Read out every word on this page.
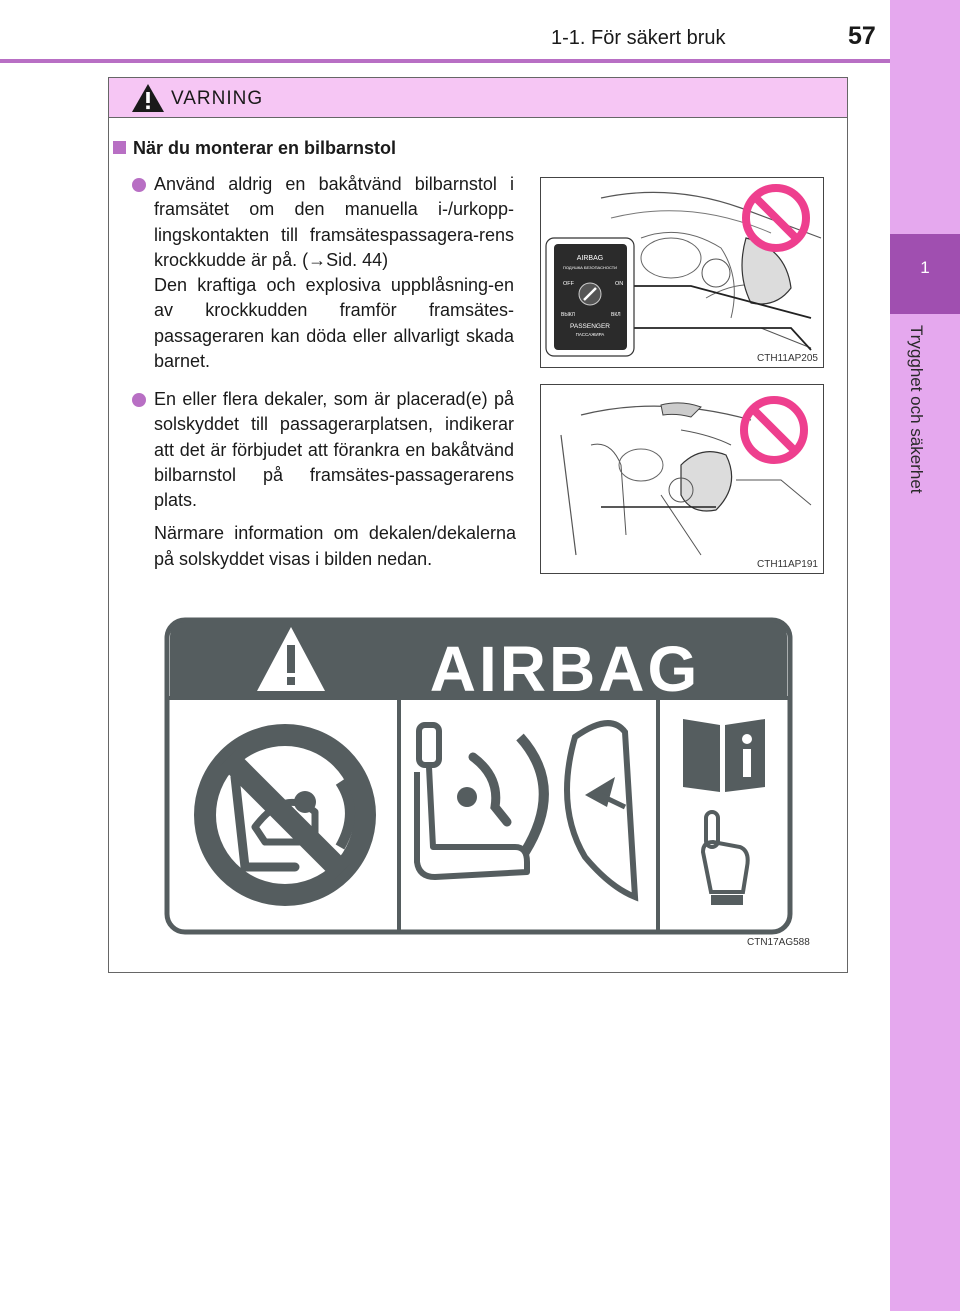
1-1. För säkert bruk	57
1
Trygghet och säkerhet
VARNING
När du monterar en bilbarnstol

Använd aldrig en bakåtvänd bilbarnstol i framsätet om den manuella i-/urkopp-lingskontakten till framsätespassagera-rens krockkudde är på. (→Sid. 44)

Den kraftiga och explosiva uppblåsning-en av krockkudden framför framsätes-passageraren kan döda eller allvarligt skada barnet.

En eller flera dekaler, som är placerad(e) på solskyddet till passagerarplatsen, indikerar att det är förbjudet att förankra en bakåtvänd bilbarnstol på framsätes-passagerarens plats.

Närmare information om dekalen/dekalerna på solskyddet visas i bilden nedan.

AIRBAG
ПОДУШКА БЕЗОПАСНОСТИ
OFF	ON
ВЫКЛ	ВКЛ
PASSENGER
ПАССАЖИРА
CTH11AP205
CTH11AP191
AIRBAG
CTN17AG588
